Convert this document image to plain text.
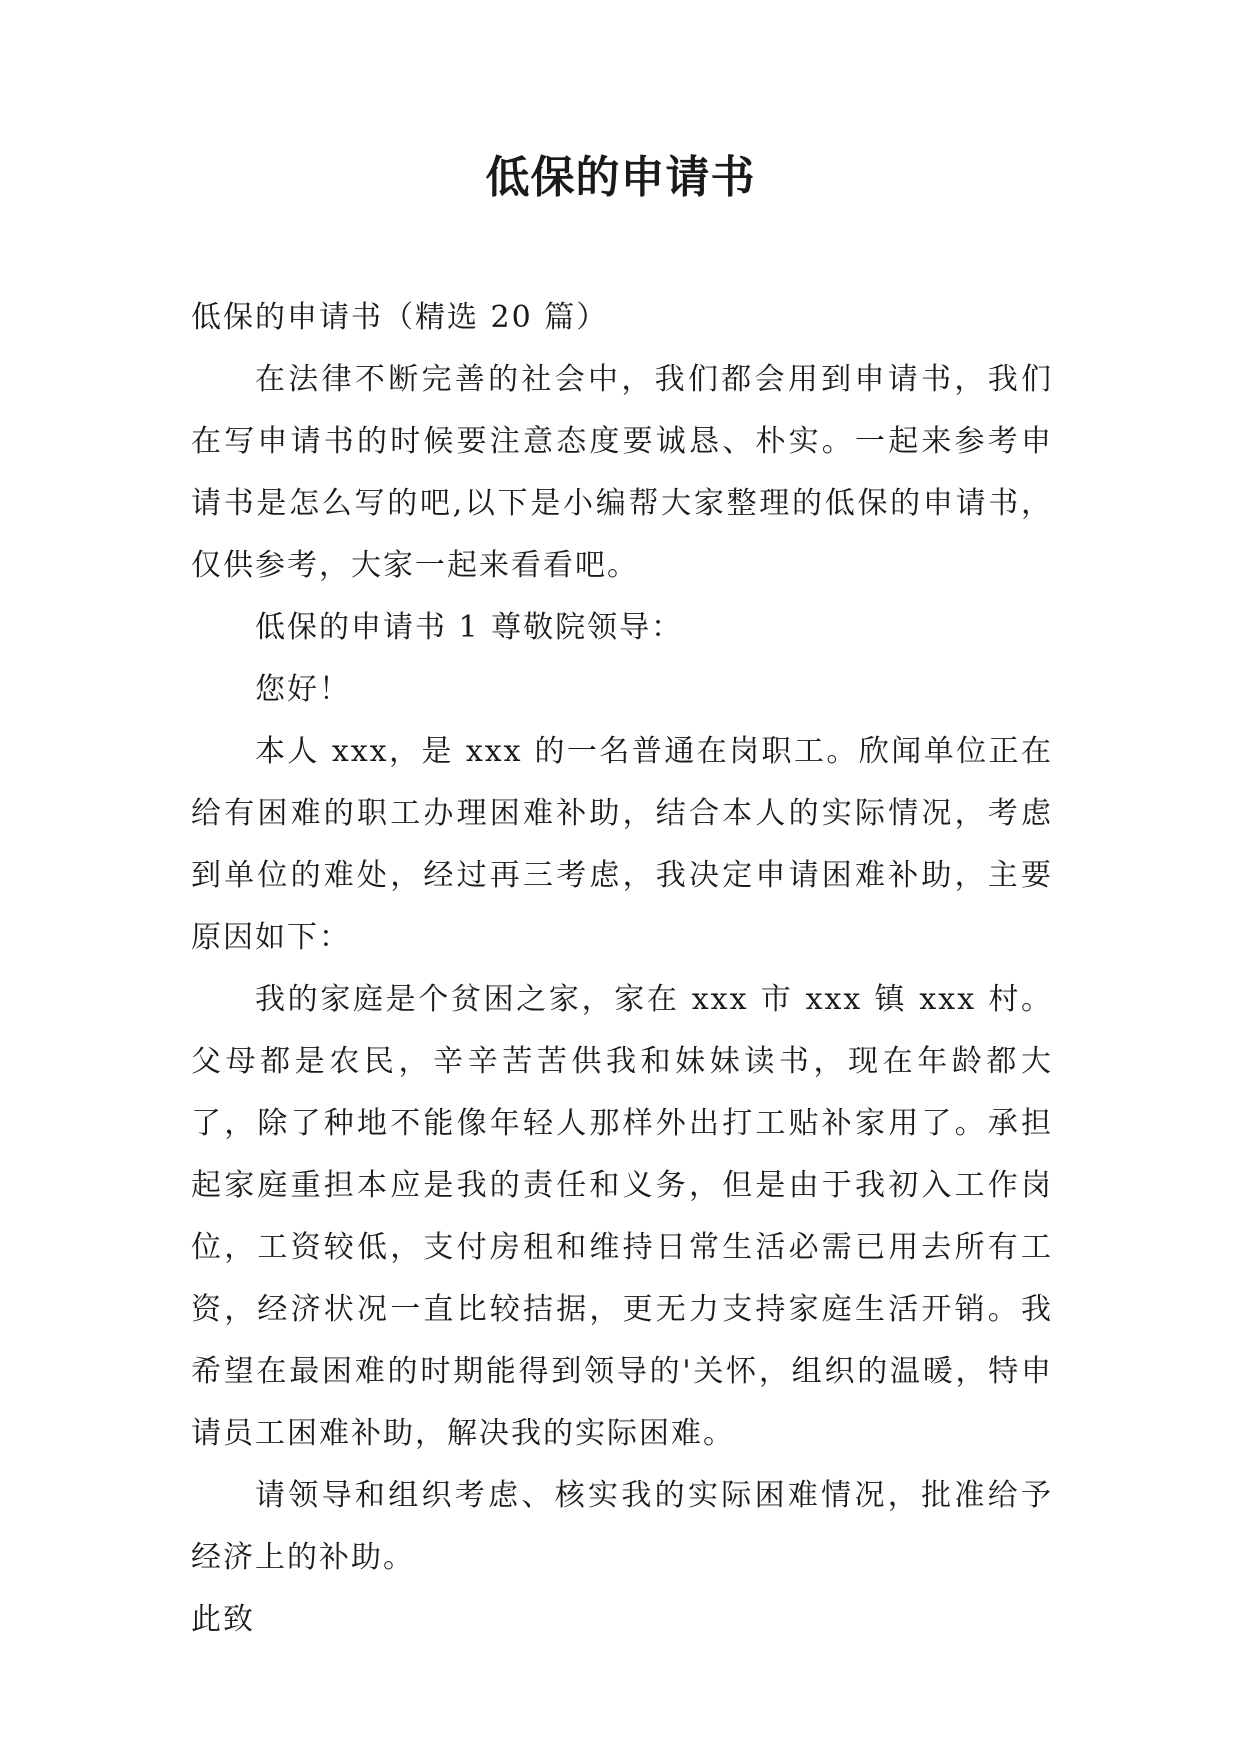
低保的申请书

低保的申请书（精选 20 篇）

在法律不断完善的社会中，我们都会用到申请书，我们在写申请书的时候要注意态度要诚恳、朴实。一起来参考申请书是怎么写的吧,以下是小编帮大家整理的低保的申请书，仅供参考，大家一起来看看吧。

低保的申请书 1 尊敬院领导：

您好！

本人 xxx，是 xxx 的一名普通在岗职工。欣闻单位正在给有困难的职工办理困难补助，结合本人的实际情况，考虑到单位的难处，经过再三考虑，我决定申请困难补助，主要原因如下：

我的家庭是个贫困之家，家在 xxx 市 xxx 镇 xxx 村。父母都是农民，辛辛苦苦供我和妹妹读书，现在年龄都大了，除了种地不能像年轻人那样外出打工贴补家用了。承担起家庭重担本应是我的责任和义务，但是由于我初入工作岗位，工资较低，支付房租和维持日常生活必需已用去所有工资，经济状况一直比较拮据，更无力支持家庭生活开销。我希望在最困难的时期能得到领导的'关怀，组织的温暖，特申请员工困难补助，解决我的实际困难。

请领导和组织考虑、核实我的实际困难情况，批准给予经济上的补助。

此致
